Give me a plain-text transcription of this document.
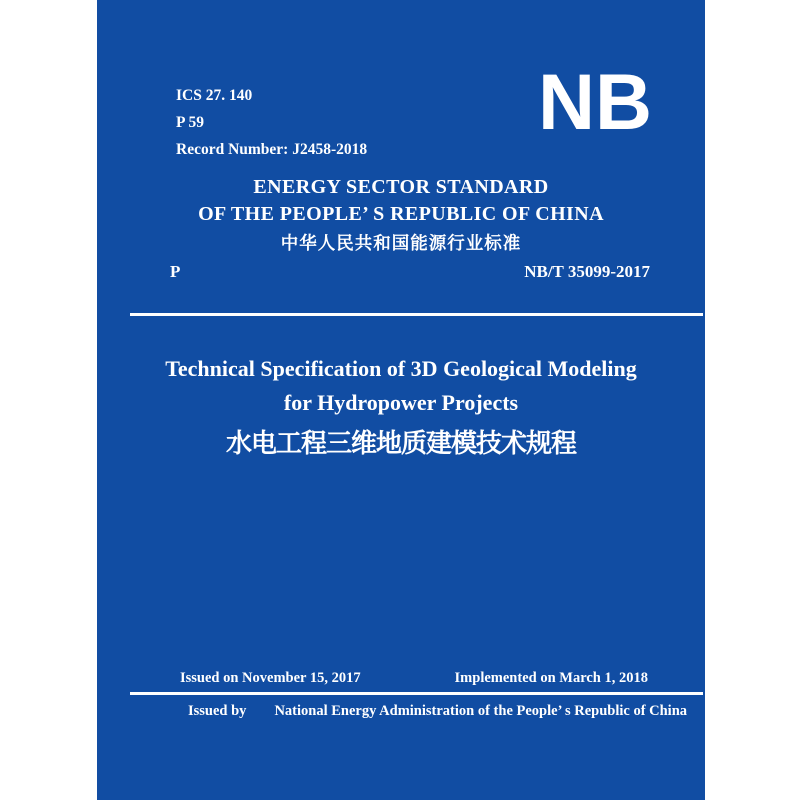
ICS 27. 140
P 59
Record Number: J2458-2018
NB
ENERGY SECTOR STANDARD
OF THE PEOPLE’ S REPUBLIC OF CHINA
中华人民共和国能源行业标准
P	NB/T 35099-2017
Technical Specification of 3D Geological Modeling
for Hydropower Projects
水电工程三维地质建模技术规程
Issued on November 15, 2017	Implemented on March 1, 2018
Issued by National Energy Administration of the People’ s Republic of China
